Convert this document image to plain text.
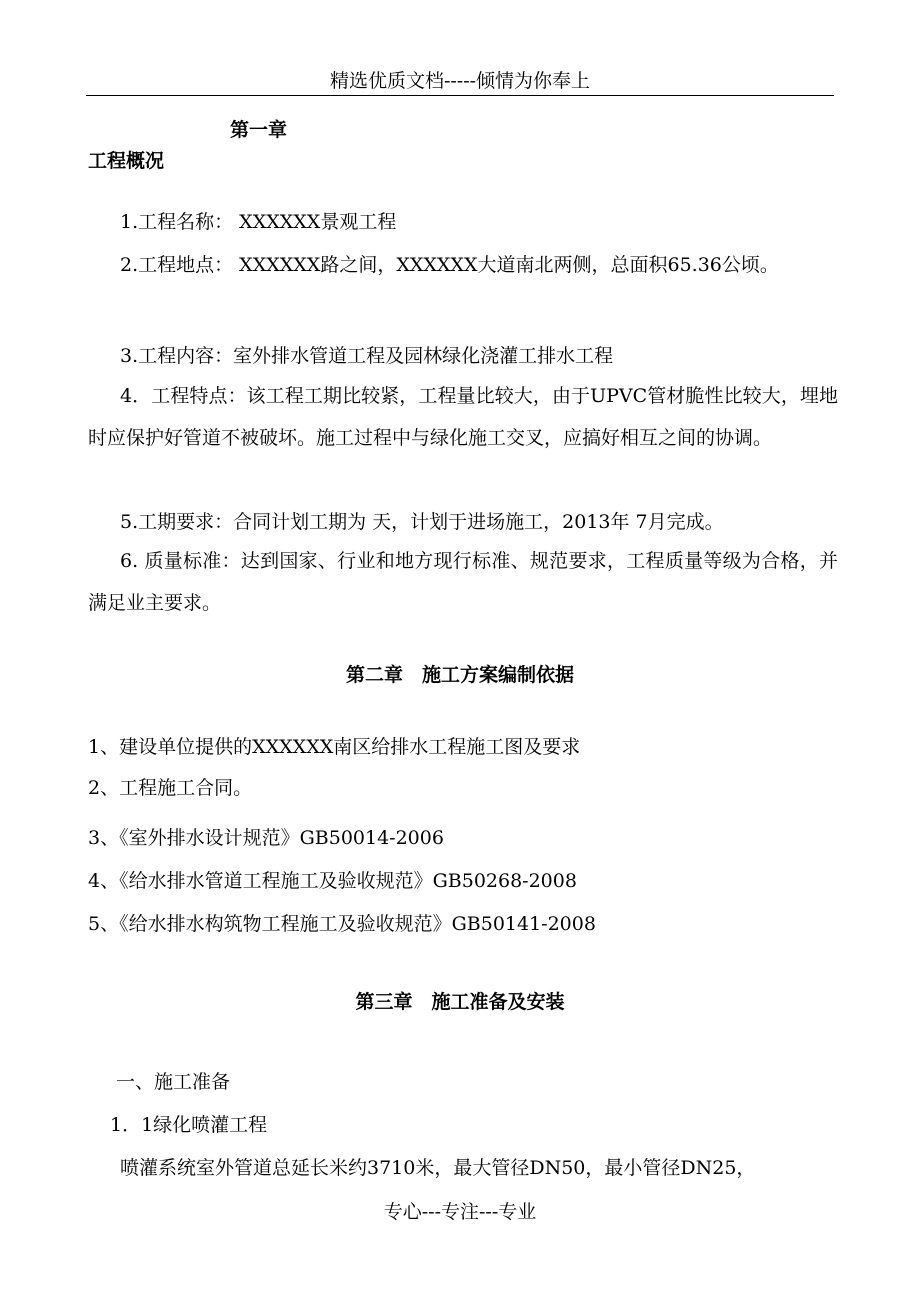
精选优质文档-----倾情为你奉上
第一章
工程概况
1.工程名称： XXXXXX景观工程
2.工程地点： XXXXXX路之间，XXXXXX大道南北两侧，总面积65.36公顷。
3.工程内容：室外排水管道工程及园林绿化浇灌工排水工程
4．工程特点：该工程工期比较紧，工程量比较大，由于UPVC管材脆性比较大，埋地时应保护好管道不被破坏。施工过程中与绿化施工交叉，应搞好相互之间的协调。
5.工期要求：合同计划工期为 天，计划于进场施工，2013年 7月完成。
6. 质量标准：达到国家、行业和地方现行标准、规范要求，工程质量等级为合格，并满足业主要求。
第二章　施工方案编制依据
1、建设单位提供的XXXXXX南区给排水工程施工图及要求
2、工程施工合同。
3、《室外排水设计规范》GB50014-2006
4、《给水排水管道工程施工及验收规范》GB50268-2008
5、《给水排水构筑物工程施工及验收规范》GB50141-2008
第三章　施工准备及安装
一、施工准备
1．1绿化喷灌工程
喷灌系统室外管道总延长米约3710米，最大管径DN50，最小管径DN25，
专心---专注---专业
